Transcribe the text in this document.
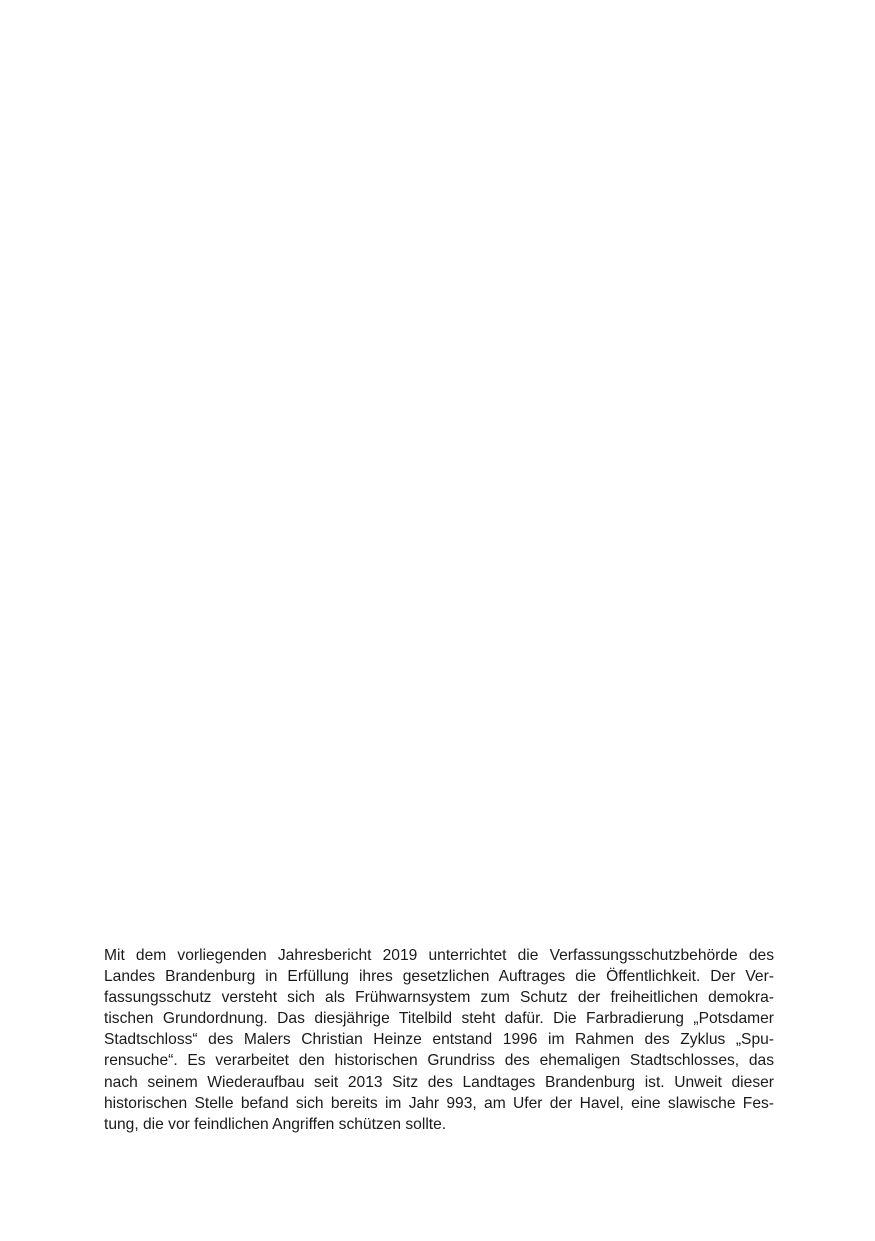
Mit dem vorliegenden Jahresbericht 2019 unterrichtet die Verfassungsschutzbehörde des
Landes Brandenburg in Erfüllung ihres gesetzlichen Auftrages die Öffentlichkeit. Der Ver-
fassungsschutz versteht sich als Frühwarnsystem zum Schutz der freiheitlichen demokra-
tischen Grundordnung. Das diesjährige Titelbild steht dafür. Die Farbradierung „Potsdamer
Stadtschloss“ des Malers Christian Heinze entstand 1996 im Rahmen des Zyklus „Spu-
rensuche“. Es verarbeitet den historischen Grundriss des ehemaligen Stadtschlosses, das
nach seinem Wiederaufbau seit 2013 Sitz des Landtages Brandenburg ist. Unweit dieser
historischen Stelle befand sich bereits im Jahr 993, am Ufer der Havel, eine slawische Fes-
tung, die vor feindlichen Angriffen schützen sollte.
